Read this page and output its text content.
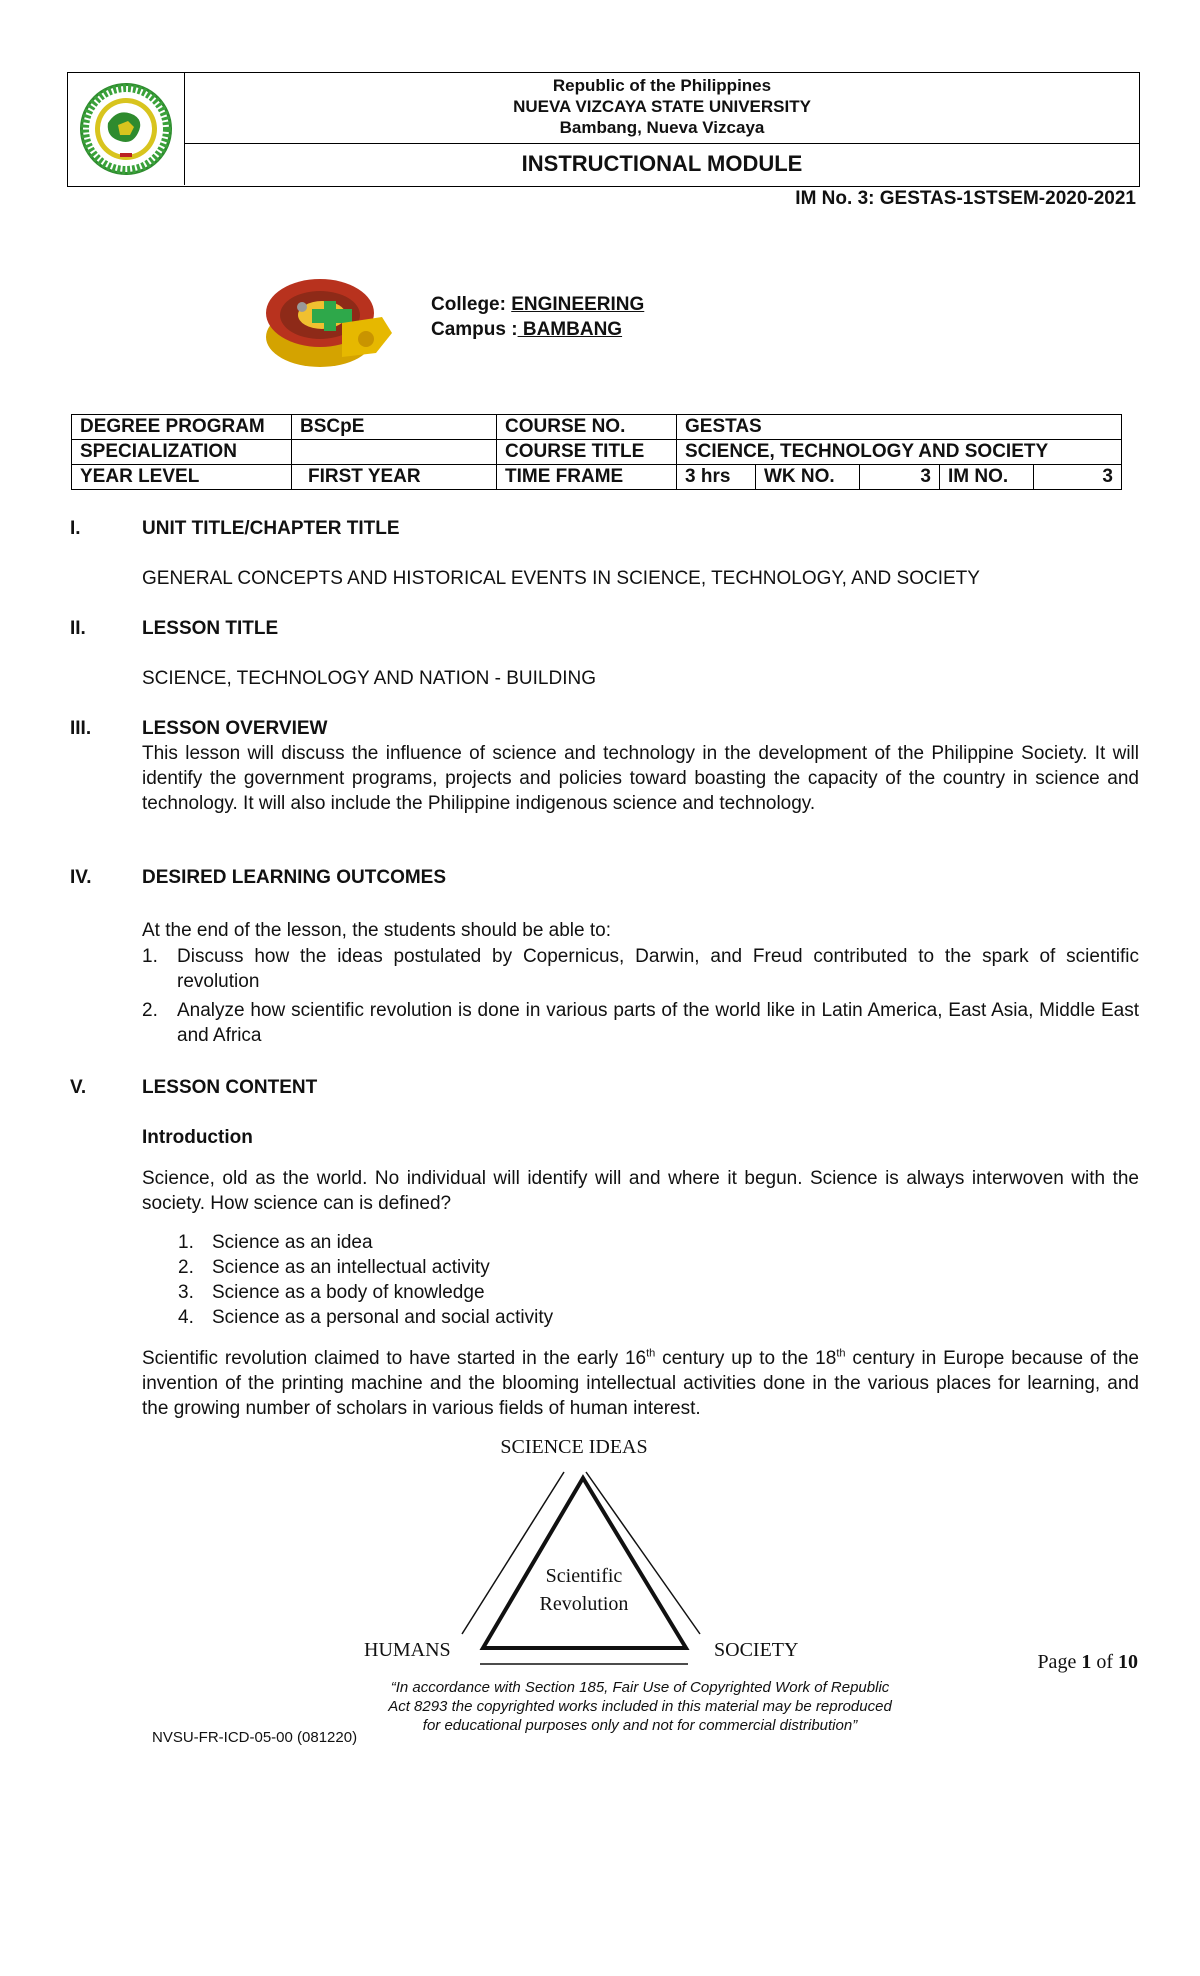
Republic of the Philippines
NUEVA VIZCAYA STATE UNIVERSITY
Bambang, Nueva Vizcaya
INSTRUCTIONAL MODULE
IM No. 3: GESTAS-1STSEM-2020-2021
College: ENGINEERING
Campus : BAMBANG
DEGREE PROGRAM	BSCpE	COURSE NO.	GESTAS				
SPECIALIZATION		COURSE TITLE	SCIENCE, TECHNOLOGY AND SOCIETY				
YEAR LEVEL	FIRST YEAR	TIME FRAME	3 hrs	WK NO.	3	IM NO.	3
I.	UNIT TITLE/CHAPTER TITLE
GENERAL CONCEPTS AND HISTORICAL EVENTS IN SCIENCE, TECHNOLOGY, AND SOCIETY
II.	LESSON TITLE
SCIENCE, TECHNOLOGY AND NATION - BUILDING
III.	LESSON OVERVIEW
This lesson will discuss the influence of science and technology in the development of the Philippine Society. It will identify the government programs, projects and policies toward boasting the capacity of the country in science and technology. It will also include the Philippine indigenous science and technology.
IV.	DESIRED LEARNING OUTCOMES
At the end of the lesson, the students should be able to:
1. Discuss how the ideas postulated by Copernicus, Darwin, and Freud contributed to the spark of scientific revolution
2. Analyze how scientific revolution is done in various parts of the world like in Latin America, East Asia, Middle East and Africa
V.	LESSON CONTENT
Introduction
Science, old as the world. No individual will identify will and where it begun. Science is always interwoven with the society. How science can is defined?
1. Science as an idea
2. Science as an intellectual activity
3. Science as a body of knowledge
4. Science as a personal and social activity
Scientific revolution claimed to have started in the early 16th century up to the 18th century in Europe because of the invention of the printing machine and the blooming intellectual activities done in the various places for learning, and the growing number of scholars in various fields of human interest.
SCIENCE IDEAS
Scientific
Revolution
HUMANS	SOCIETY
Page 1 of 10
“In accordance with Section 185, Fair Use of Copyrighted Work of Republic
Act 8293 the copyrighted works included in this material may be reproduced
for educational purposes only and not for commercial distribution”
NVSU-FR-ICD-05-00 (081220)
